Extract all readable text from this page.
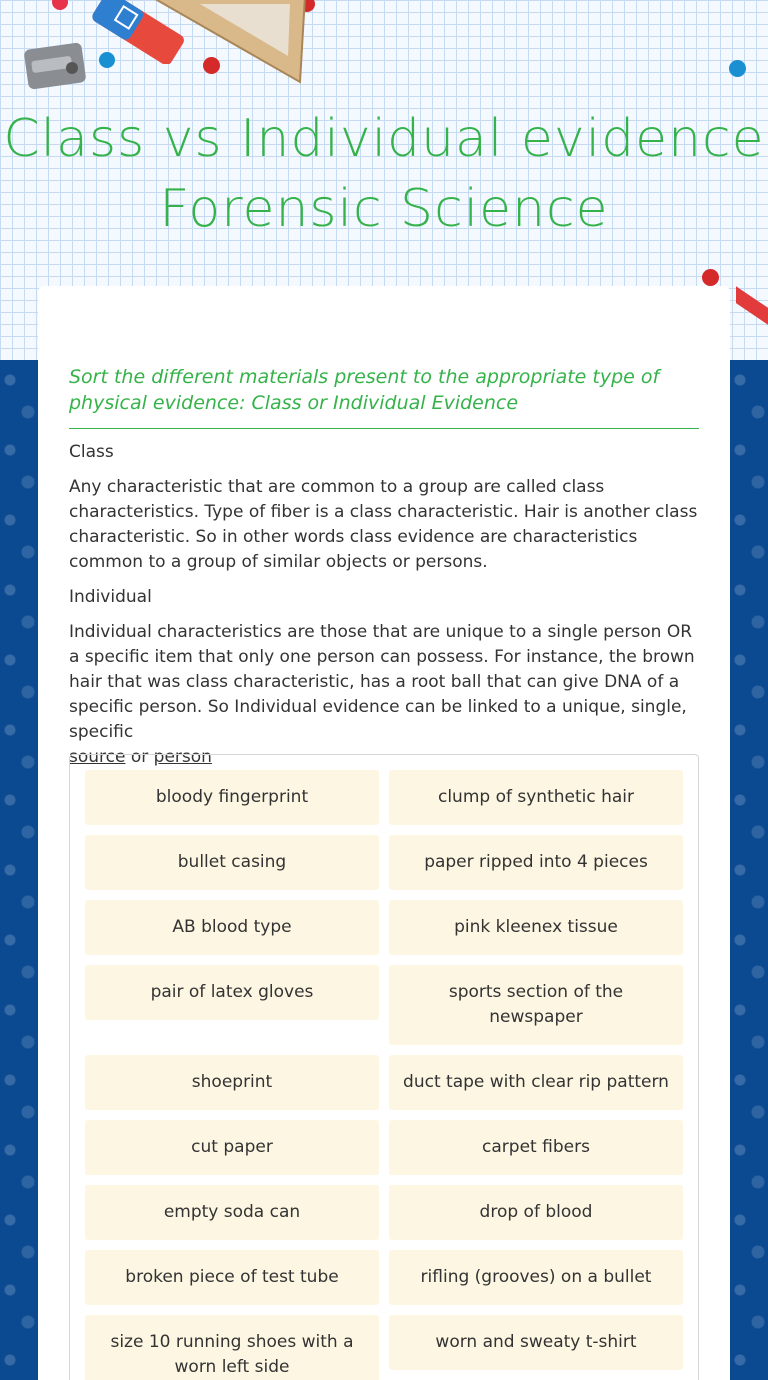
Class vs Individual evidence
Forensic Science
Sort the different materials present to the appropriate type of physical evidence: Class or Individual Evidence

Class

Any characteristic that are common to a group are called class characteristics. Type of fiber is a class characteristic. Hair is another class characteristic. So in other words class evidence are characteristics common to a group of similar objects or persons.

Individual

Individual characteristics are those that are unique to a single person OR a specific item that only one person can possess. For instance, the brown hair that was class characteristic, has a root ball that can give DNA of a specific person. So Individual evidence can be linked to a unique, single, specific
source or person

bloody fingerprint	clump of synthetic hair
bullet casing	paper ripped into 4 pieces
AB blood type	pink kleenex tissue
pair of latex gloves	sports section of the newspaper
shoeprint	duct tape with clear rip pattern
cut paper	carpet fibers
empty soda can	drop of blood
broken piece of test tube	rifling (grooves) on a bullet
size 10 running shoes with a worn left side
worn and sweaty t-shirt
